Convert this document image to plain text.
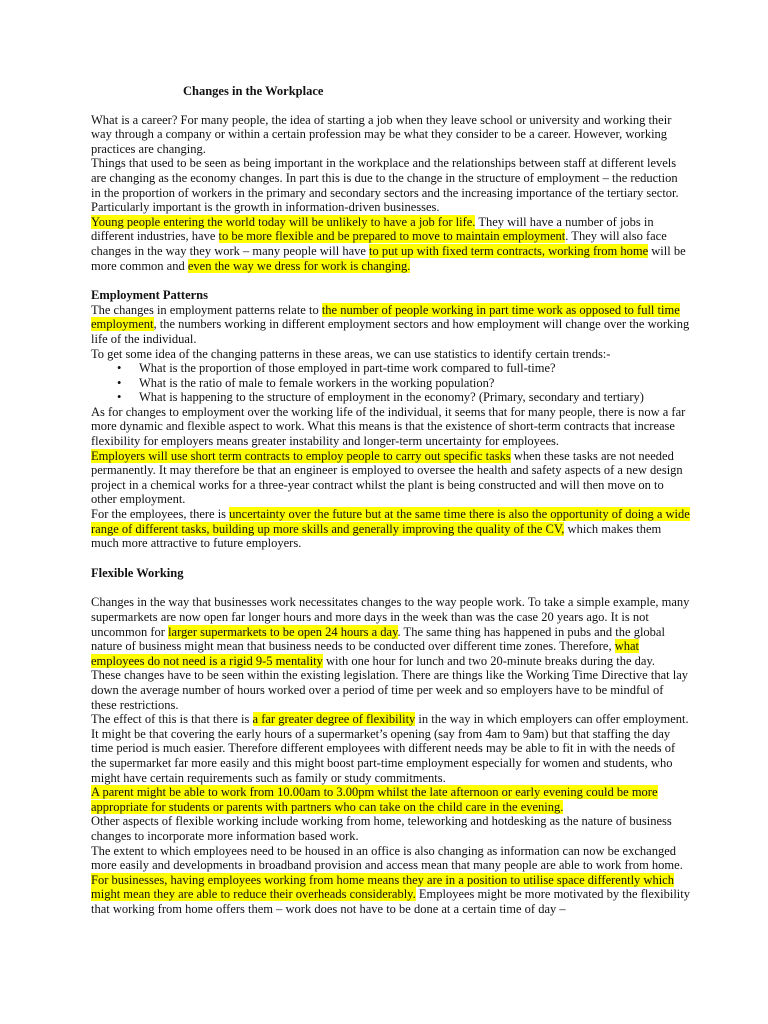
Changes in the Workplace

What is a career? For many people, the idea of starting a job when they leave school or university and working their way through a company or within a certain profession may be what they consider to be a career. However, working practices are changing.

Things that used to be seen as being important in the workplace and the relationships between staff at different levels are changing as the economy changes. In part this is due to the change in the structure of employment – the reduction in the proportion of workers in the primary and secondary sectors and the increasing importance of the tertiary sector. Particularly important is the growth in information-driven businesses.

Young people entering the world today will be unlikely to have a job for life. They will have a number of jobs in different industries, have to be more flexible and be prepared to move to maintain employment. They will also face changes in the way they work – many people will have to put up with fixed term contracts, working from home will be more common and even the way we dress for work is changing.

Employment Patterns

The changes in employment patterns relate to the number of people working in part time work as opposed to full time employment, the numbers working in different employment sectors and how employment will change over the working life of the individual.

To get some idea of the changing patterns in these areas, we can use statistics to identify certain trends:-

• What is the proportion of those employed in part-time work compared to full-time?
• What is the ratio of male to female workers in the working population?
• What is happening to the structure of employment in the economy? (Primary, secondary and tertiary)

As for changes to employment over the working life of the individual, it seems that for many people, there is now a far more dynamic and flexible aspect to work. What this means is that the existence of short-term contracts that increase flexibility for employers means greater instability and longer-term uncertainty for employees.

Employers will use short term contracts to employ people to carry out specific tasks when these tasks are not needed permanently. It may therefore be that an engineer is employed to oversee the health and safety aspects of a new design project in a chemical works for a three-year contract whilst the plant is being constructed and will then move on to other employment.

For the employees, there is uncertainty over the future but at the same time there is also the opportunity of doing a wide range of different tasks, building up more skills and generally improving the quality of the CV, which makes them much more attractive to future employers.

Flexible Working

Changes in the way that businesses work necessitates changes to the way people work. To take a simple example, many supermarkets are now open far longer hours and more days in the week than was the case 20 years ago. It is not uncommon for larger supermarkets to be open 24 hours a day. The same thing has happened in pubs and the global nature of business might mean that business needs to be conducted over different time zones. Therefore, what employees do not need is a rigid 9-5 mentality with one hour for lunch and two 20-minute breaks during the day.

These changes have to be seen within the existing legislation. There are things like the Working Time Directive that lay down the average number of hours worked over a period of time per week and so employers have to be mindful of these restrictions.

The effect of this is that there is a far greater degree of flexibility in the way in which employers can offer employment. It might be that covering the early hours of a supermarket’s opening (say from 4am to 9am) but that staffing the day time period is much easier. Therefore different employees with different needs may be able to fit in with the needs of the supermarket far more easily and this might boost part-time employment especially for women and students, who might have certain requirements such as family or study commitments.

A parent might be able to work from 10.00am to 3.00pm whilst the late afternoon or early evening could be more appropriate for students or parents with partners who can take on the child care in the evening.

Other aspects of flexible working include working from home, teleworking and hotdesking as the nature of business changes to incorporate more information based work.

The extent to which employees need to be housed in an office is also changing as information can now be exchanged more easily and developments in broadband provision and access mean that many people are able to work from home.

For businesses, having employees working from home means they are in a position to utilise space differently which might mean they are able to reduce their overheads considerably. Employees might be more motivated by the flexibility that working from home offers them – work does not have to be done at a certain time of day –
